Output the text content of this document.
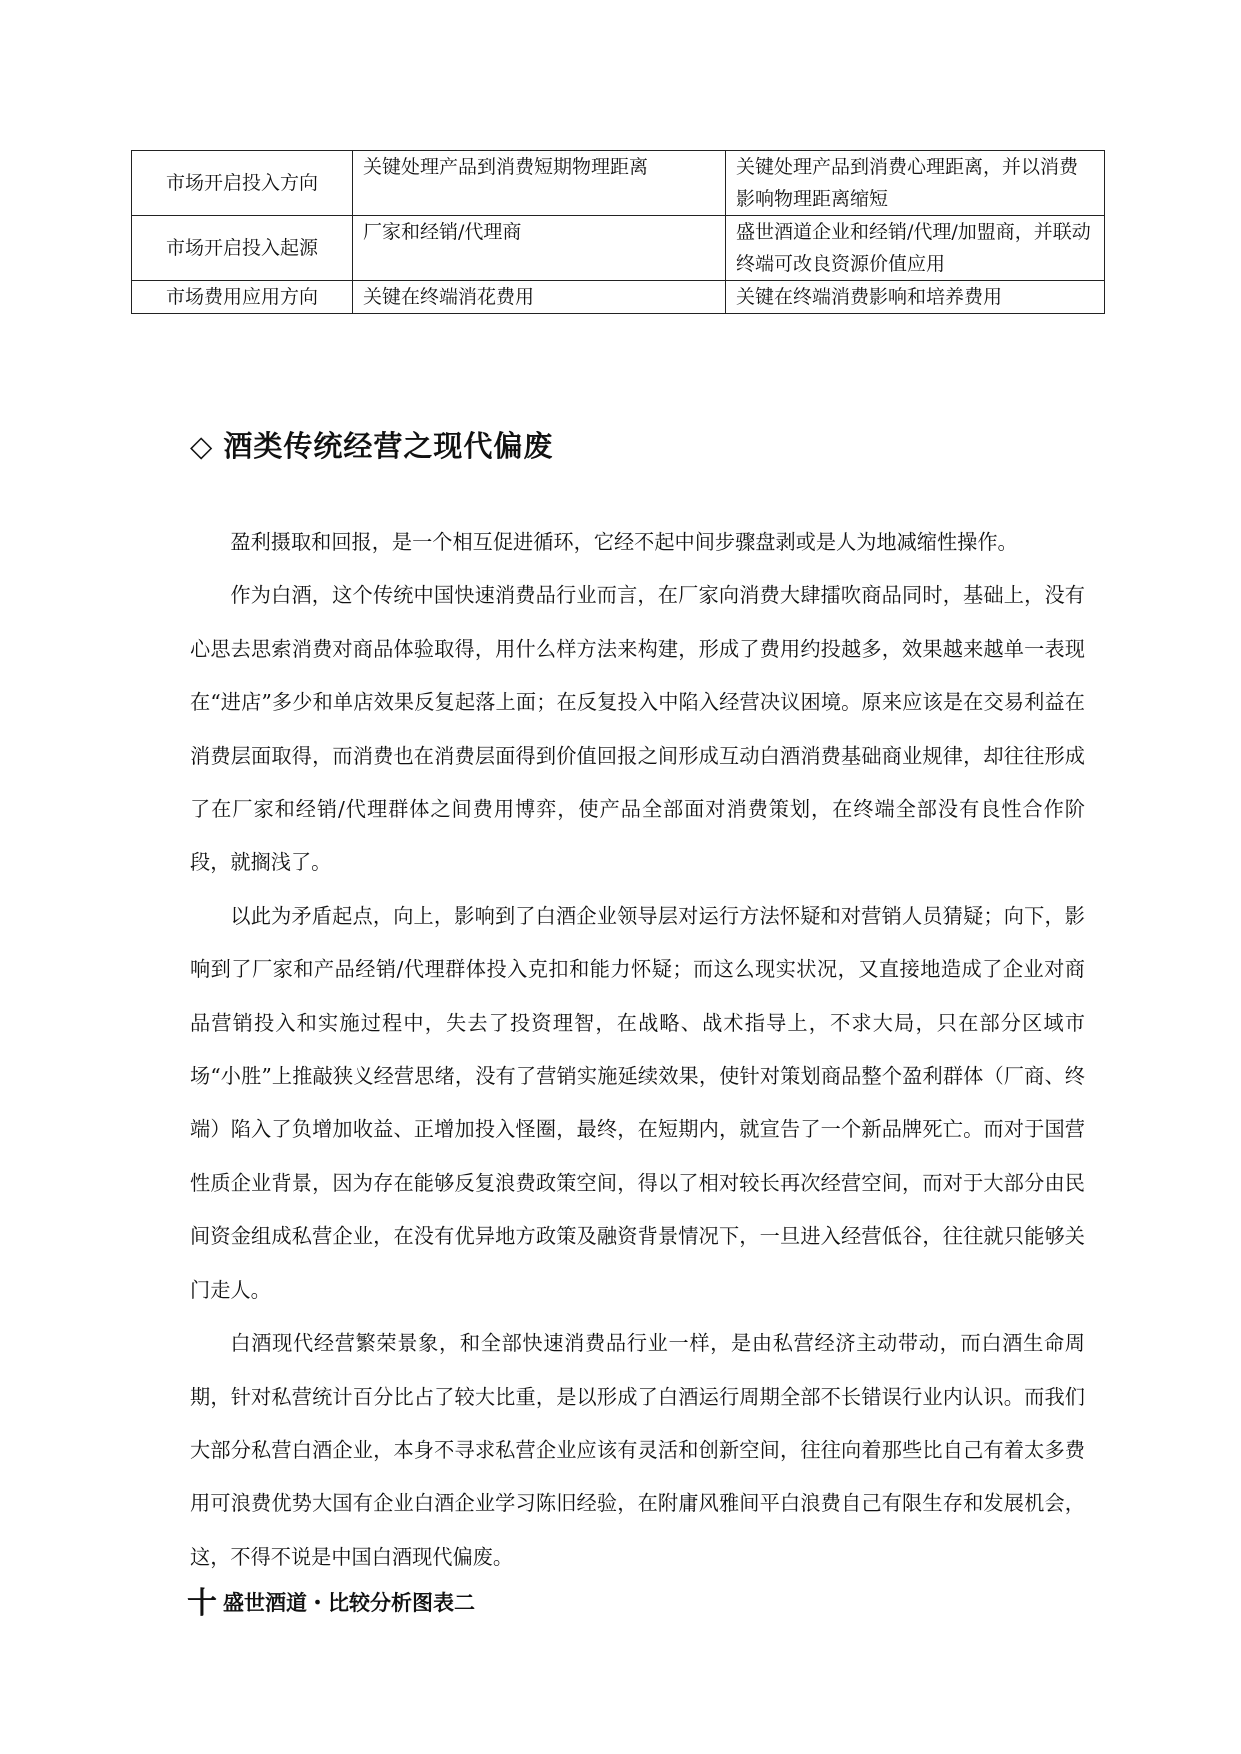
市场开启投入方向	关键处理产品到消费短期物理距离	关键处理产品到消费心理距离，并以消费影响物理距离缩短
市场开启投入起源	厂家和经销/代理商	盛世酒道企业和经销/代理/加盟商，并联动终端可改良资源价值应用
市场费用应用方向	关键在终端消花费用	关键在终端消费影响和培养费用
◇ 酒类传统经营之现代偏废

盈利摄取和回报，是一个相互促进循环，它经不起中间步骤盘剥或是人为地减缩性操作。

作为白酒，这个传统中国快速消费品行业而言，在厂家向消费大肆擂吹商品同时，基础上，没有心思去思索消费对商品体验取得，用什么样方法来构建，形成了费用约投越多，效果越来越单一表现在“进店”多少和单店效果反复起落上面；在反复投入中陷入经营决议困境。原来应该是在交易利益在消费层面取得，而消费也在消费层面得到价值回报之间形成互动白酒消费基础商业规律，却往往形成了在厂家和经销/代理群体之间费用博弈，使产品全部面对消费策划，在终端全部没有良性合作阶段，就搁浅了。

以此为矛盾起点，向上，影响到了白酒企业领导层对运行方法怀疑和对营销人员猜疑；向下，影响到了厂家和产品经销/代理群体投入克扣和能力怀疑；而这么现实状况，又直接地造成了企业对商品营销投入和实施过程中，失去了投资理智，在战略、战术指导上，不求大局，只在部分区域市场“小胜”上推敲狭义经营思绪，没有了营销实施延续效果，使针对策划商品整个盈利群体（厂商、终端）陷入了负增加收益、正增加投入怪圈，最终，在短期内，就宣告了一个新品牌死亡。而对于国营性质企业背景，因为存在能够反复浪费政策空间，得以了相对较长再次经营空间，而对于大部分由民间资金组成私营企业，在没有优异地方政策及融资背景情况下，一旦进入经营低谷，往往就只能够关门走人。

白酒现代经营繁荣景象，和全部快速消费品行业一样，是由私营经济主动带动，而白酒生命周期，针对私营统计百分比占了较大比重，是以形成了白酒运行周期全部不长错误行业内认识。而我们大部分私营白酒企业，本身不寻求私营企业应该有灵活和创新空间，往往向着那些比自己有着太多费用可浪费优势大国有企业白酒企业学习陈旧经验，在附庸风雅间平白浪费自己有限生存和发展机会，这，不得不说是中国白酒现代偏废。

十 盛世酒道・比较分析图表二
